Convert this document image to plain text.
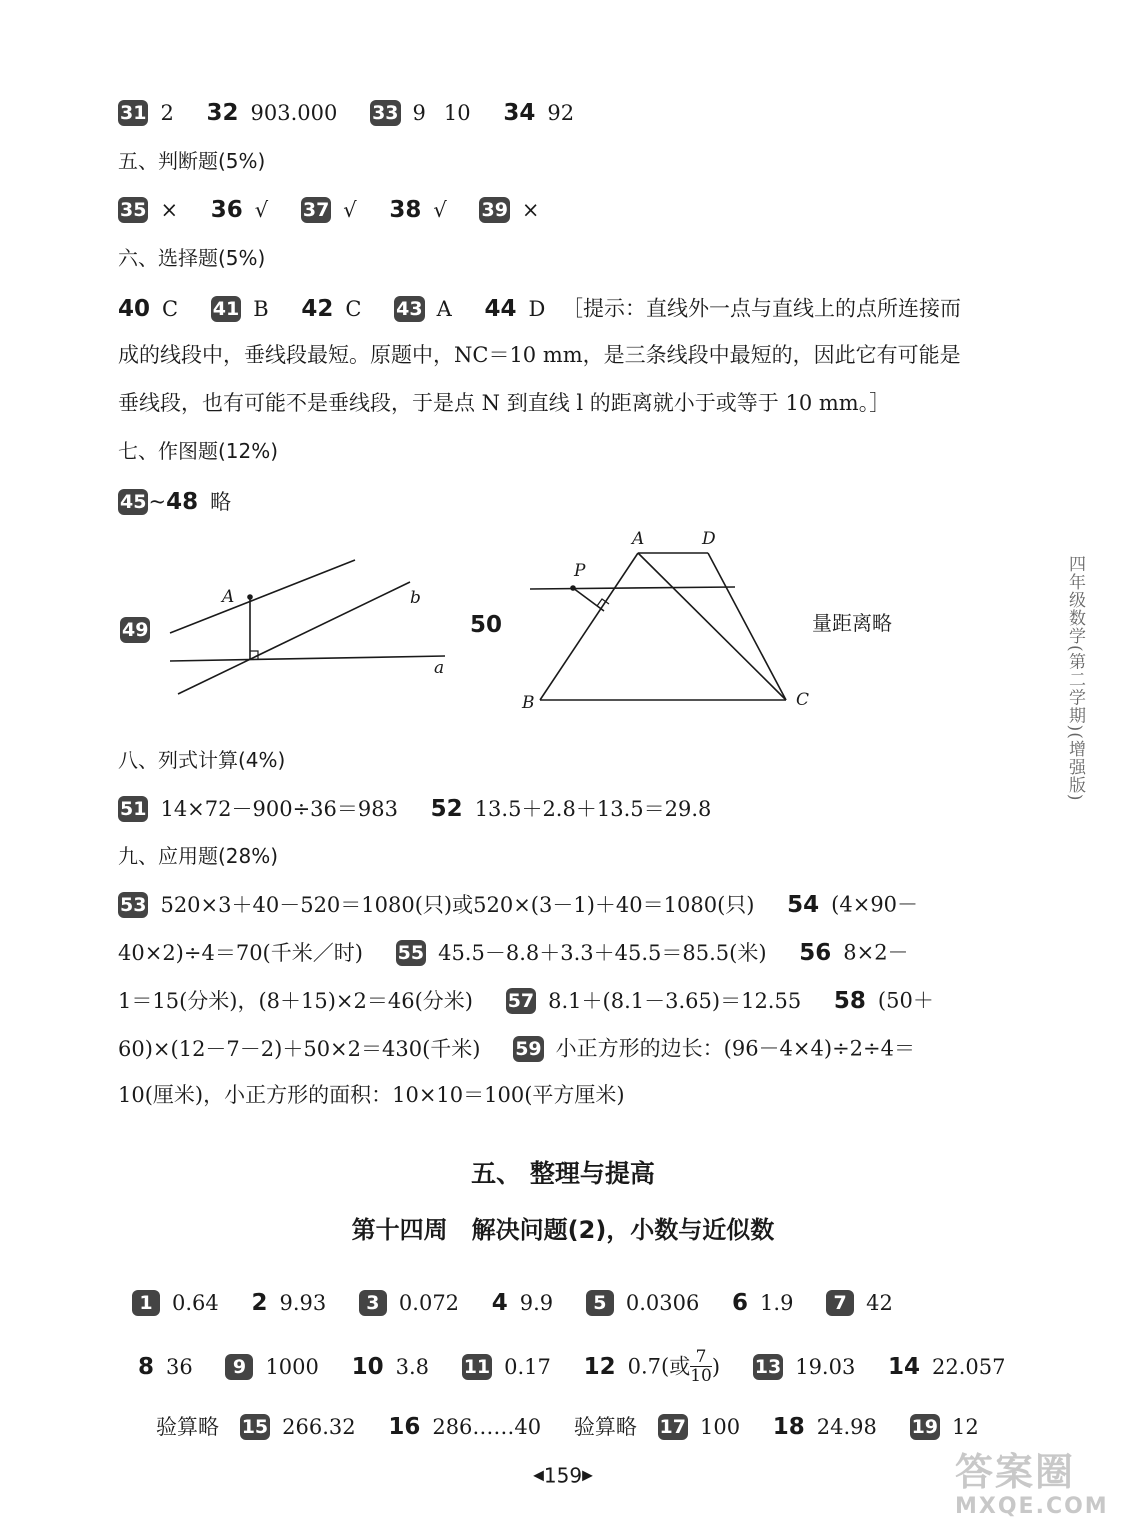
31 2 32 903.000 33 9 10 34 92
五、判断题(5%)
35 × 36 √ 37 √ 38 √ 39 ×
六、选择题(5%)
40 C 41 B 42 C 43 A 44 D ［提示：直线外一点与直线上的点所连接而
成的线段中，垂线段最短。原题中，NC＝10 mm，是三条线段中最短的，因此它有可能是
垂线段，也有可能不是垂线段，于是点 N 到直线 l 的距离就小于或等于 10 mm。］
七、作图题(12%)
45~48 略
49	50
A	b
a
P
A	D
B	C
量距离略
八、列式计算(4%)
51 14×72－900÷36＝983 52 13.5＋2.8＋13.5＝29.8
九、应用题(28%)
53 520×3＋40－520＝1080(只)或520×(3－1)＋40＝1080(只) 54 (4×90－
40×2)÷4＝70(千米／时) 55 45.5－8.8＋3.3＋45.5＝85.5(米) 56 8×2－
1＝15(分米)，(8＋15)×2＝46(分米) 57 8.1＋(8.1－3.65)＝12.55 58 (50＋
60)×(12－7－2)＋50×2＝430(千米) 59 小正方形的边长：(96－4×4)÷2÷4＝
10(厘米)，小正方形的面积：10×10＝100(平方厘米)
五、 整理与提高
第十四周　解决问题(2)，小数与近似数
1 0.64 2 9.93 3 0.072 4 9.9 5 0.0306 6 1.9 7 42
8 36 9 1000 10 3.8 11 0.17 12 0.7(或 $\frac{7}{10}$ ) 13 19.03 14 22.057
验算略 15 266.32 16 286……40 验算略 17 100 18 24.98 19 12
四年级数学(第二学期)(增强版)
◀159▶	答案圈
MXQE.COM
